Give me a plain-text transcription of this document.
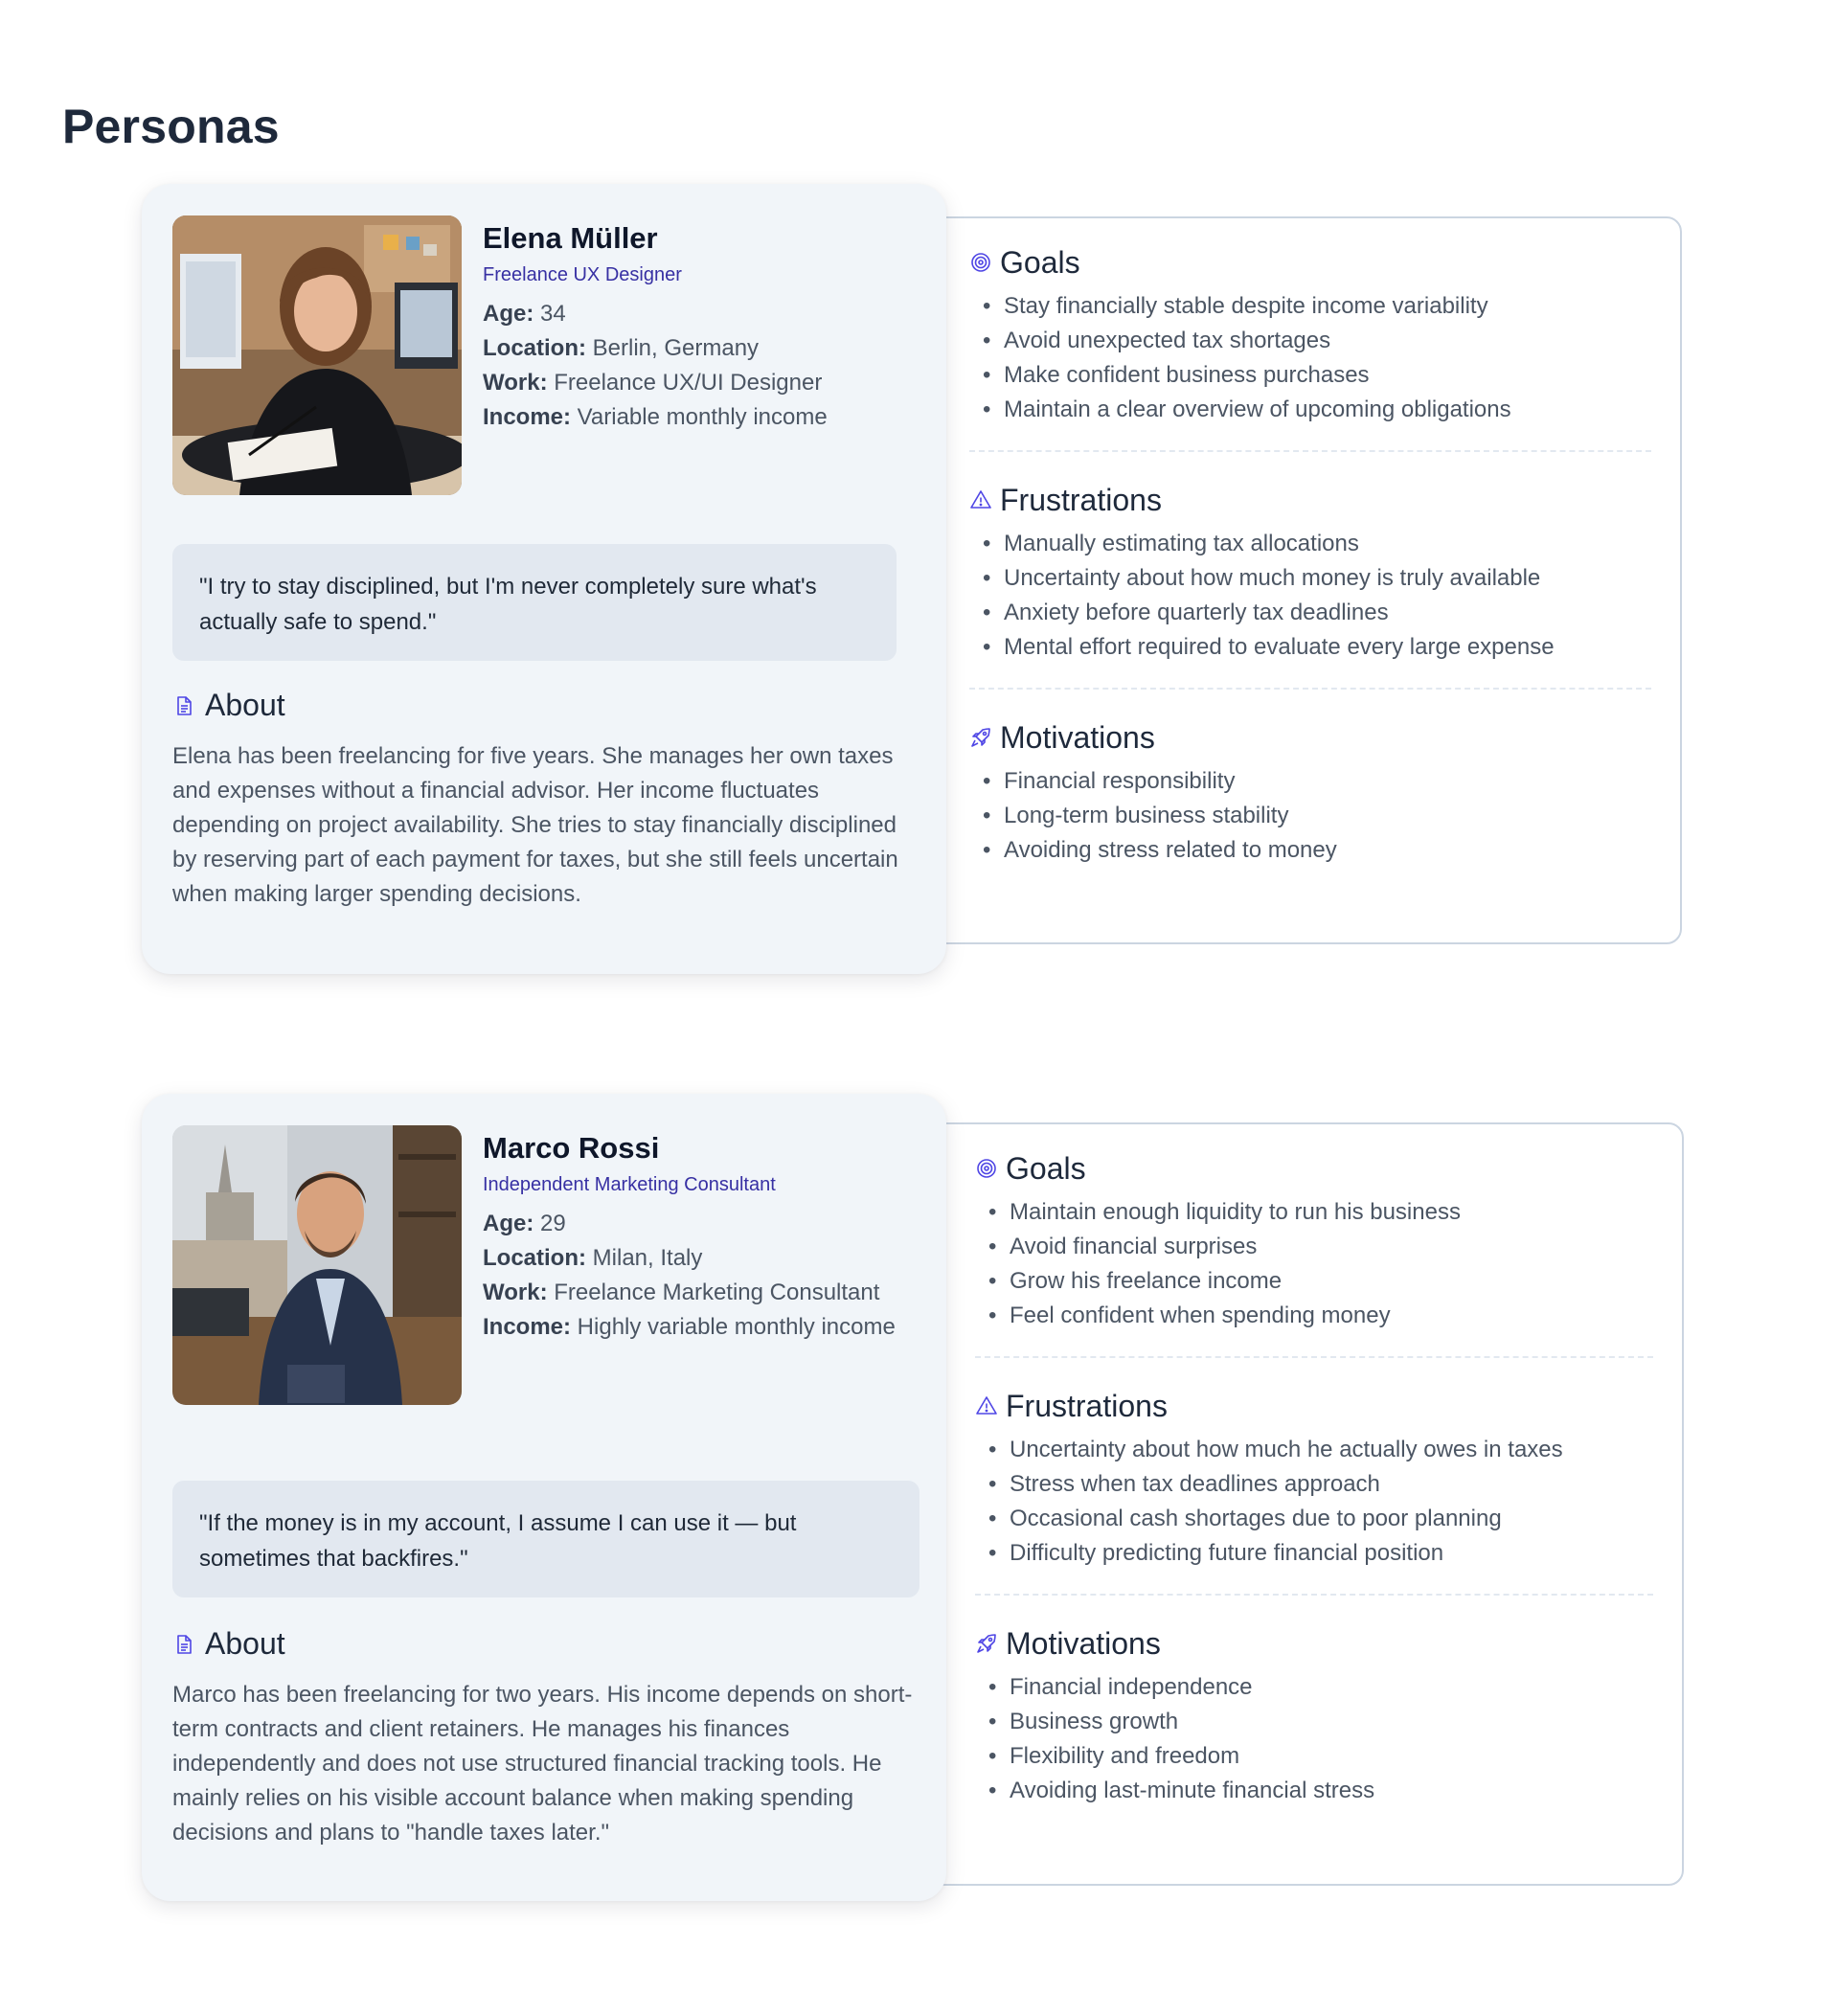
Personas
Goals
• Stay financially stable despite income variability
• Avoid unexpected tax shortages
• Make confident business purchases
• Maintain a clear overview of upcoming obligations
Frustrations
• Manually estimating tax allocations
• Uncertainty about how much money is truly available
• Anxiety before quarterly tax deadlines
• Mental effort required to evaluate every large expense
Motivations
• Financial responsibility
• Long-term business stability
• Avoiding stress related to money
Elena Müller
Freelance UX Designer
Age: 34
Location: Berlin, Germany
Work: Freelance UX/UI Designer
Income: Variable monthly income
"I try to stay disciplined, but I'm never completely sure what's actually safe to spend."
About
Elena has been freelancing for five years. She manages her own taxes and expenses without a financial advisor. Her income fluctuates depending on project availability. She tries to stay financially disciplined by reserving part of each payment for taxes, but she still feels uncertain when making larger spending decisions.
Goals
• Maintain enough liquidity to run his business
• Avoid financial surprises
• Grow his freelance income
• Feel confident when spending money
Frustrations
• Uncertainty about how much he actually owes in taxes
• Stress when tax deadlines approach
• Occasional cash shortages due to poor planning
• Difficulty predicting future financial position
Motivations
• Financial independence
• Business growth
• Flexibility and freedom
• Avoiding last-minute financial stress
Marco Rossi
Independent Marketing Consultant
Age: 29
Location: Milan, Italy
Work: Freelance Marketing Consultant
Income: Highly variable monthly income
"If the money is in my account, I assume I can use it — but sometimes that backfires."
About
Marco has been freelancing for two years. His income depends on short-term contracts and client retainers. He manages his finances independently and does not use structured financial tracking tools. He mainly relies on his visible account balance when making spending decisions and plans to "handle taxes later."
